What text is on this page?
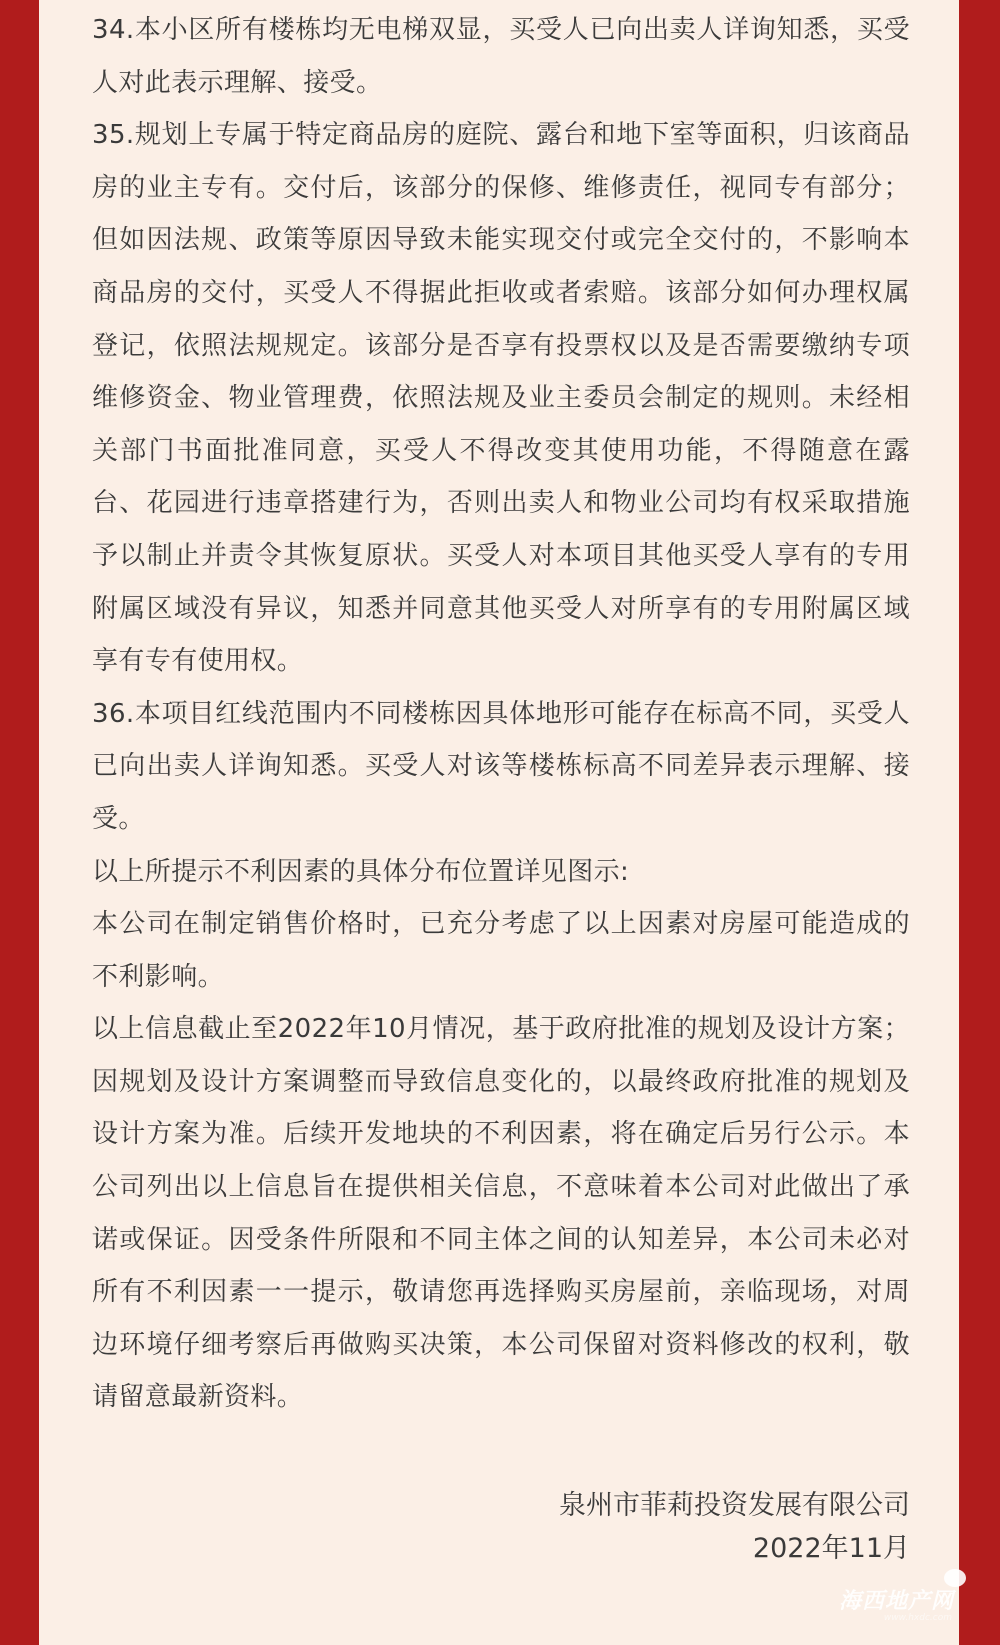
34.本小区所有楼栋均无电梯双显，买受人已向出卖人详询知悉，买受人对此表示理解、接受。

35.规划上专属于特定商品房的庭院、露台和地下室等面积，归该商品房的业主专有。交付后，该部分的保修、维修责任，视同专有部分；但如因法规、政策等原因导致未能实现交付或完全交付的，不影响本商品房的交付，买受人不得据此拒收或者索赔。该部分如何办理权属登记，依照法规规定。该部分是否享有投票权以及是否需要缴纳专项维修资金、物业管理费，依照法规及业主委员会制定的规则。未经相关部门书面批准同意，买受人不得改变其使用功能，不得随意在露台、花园进行违章搭建行为，否则出卖人和物业公司均有权采取措施予以制止并责令其恢复原状。买受人对本项目其他买受人享有的专用附属区域没有异议，知悉并同意其他买受人对所享有的专用附属区域享有专有使用权。

36.本项目红线范围内不同楼栋因具体地形可能存在标高不同，买受人已向出卖人详询知悉。买受人对该等楼栋标高不同差异表示理解、接受。

以上所提示不利因素的具体分布位置详见图示:

本公司在制定销售价格时，已充分考虑了以上因素对房屋可能造成的不利影响。

以上信息截止至2022年10月情况，基于政府批准的规划及设计方案；因规划及设计方案调整而导致信息变化的，以最终政府批准的规划及设计方案为准。后续开发地块的不利因素，将在确定后另行公示。本公司列出以上信息旨在提供相关信息，不意味着本公司对此做出了承诺或保证。因受条件所限和不同主体之间的认知差异，本公司未必对所有不利因素一一提示，敬请您再选择购买房屋前，亲临现场，对周边环境仔细考察后再做购买决策，本公司保留对资料修改的权利，敬请留意最新资料。

泉州市菲莉投资发展有限公司
2022年11月
海西地产网
www.hxdc.com
